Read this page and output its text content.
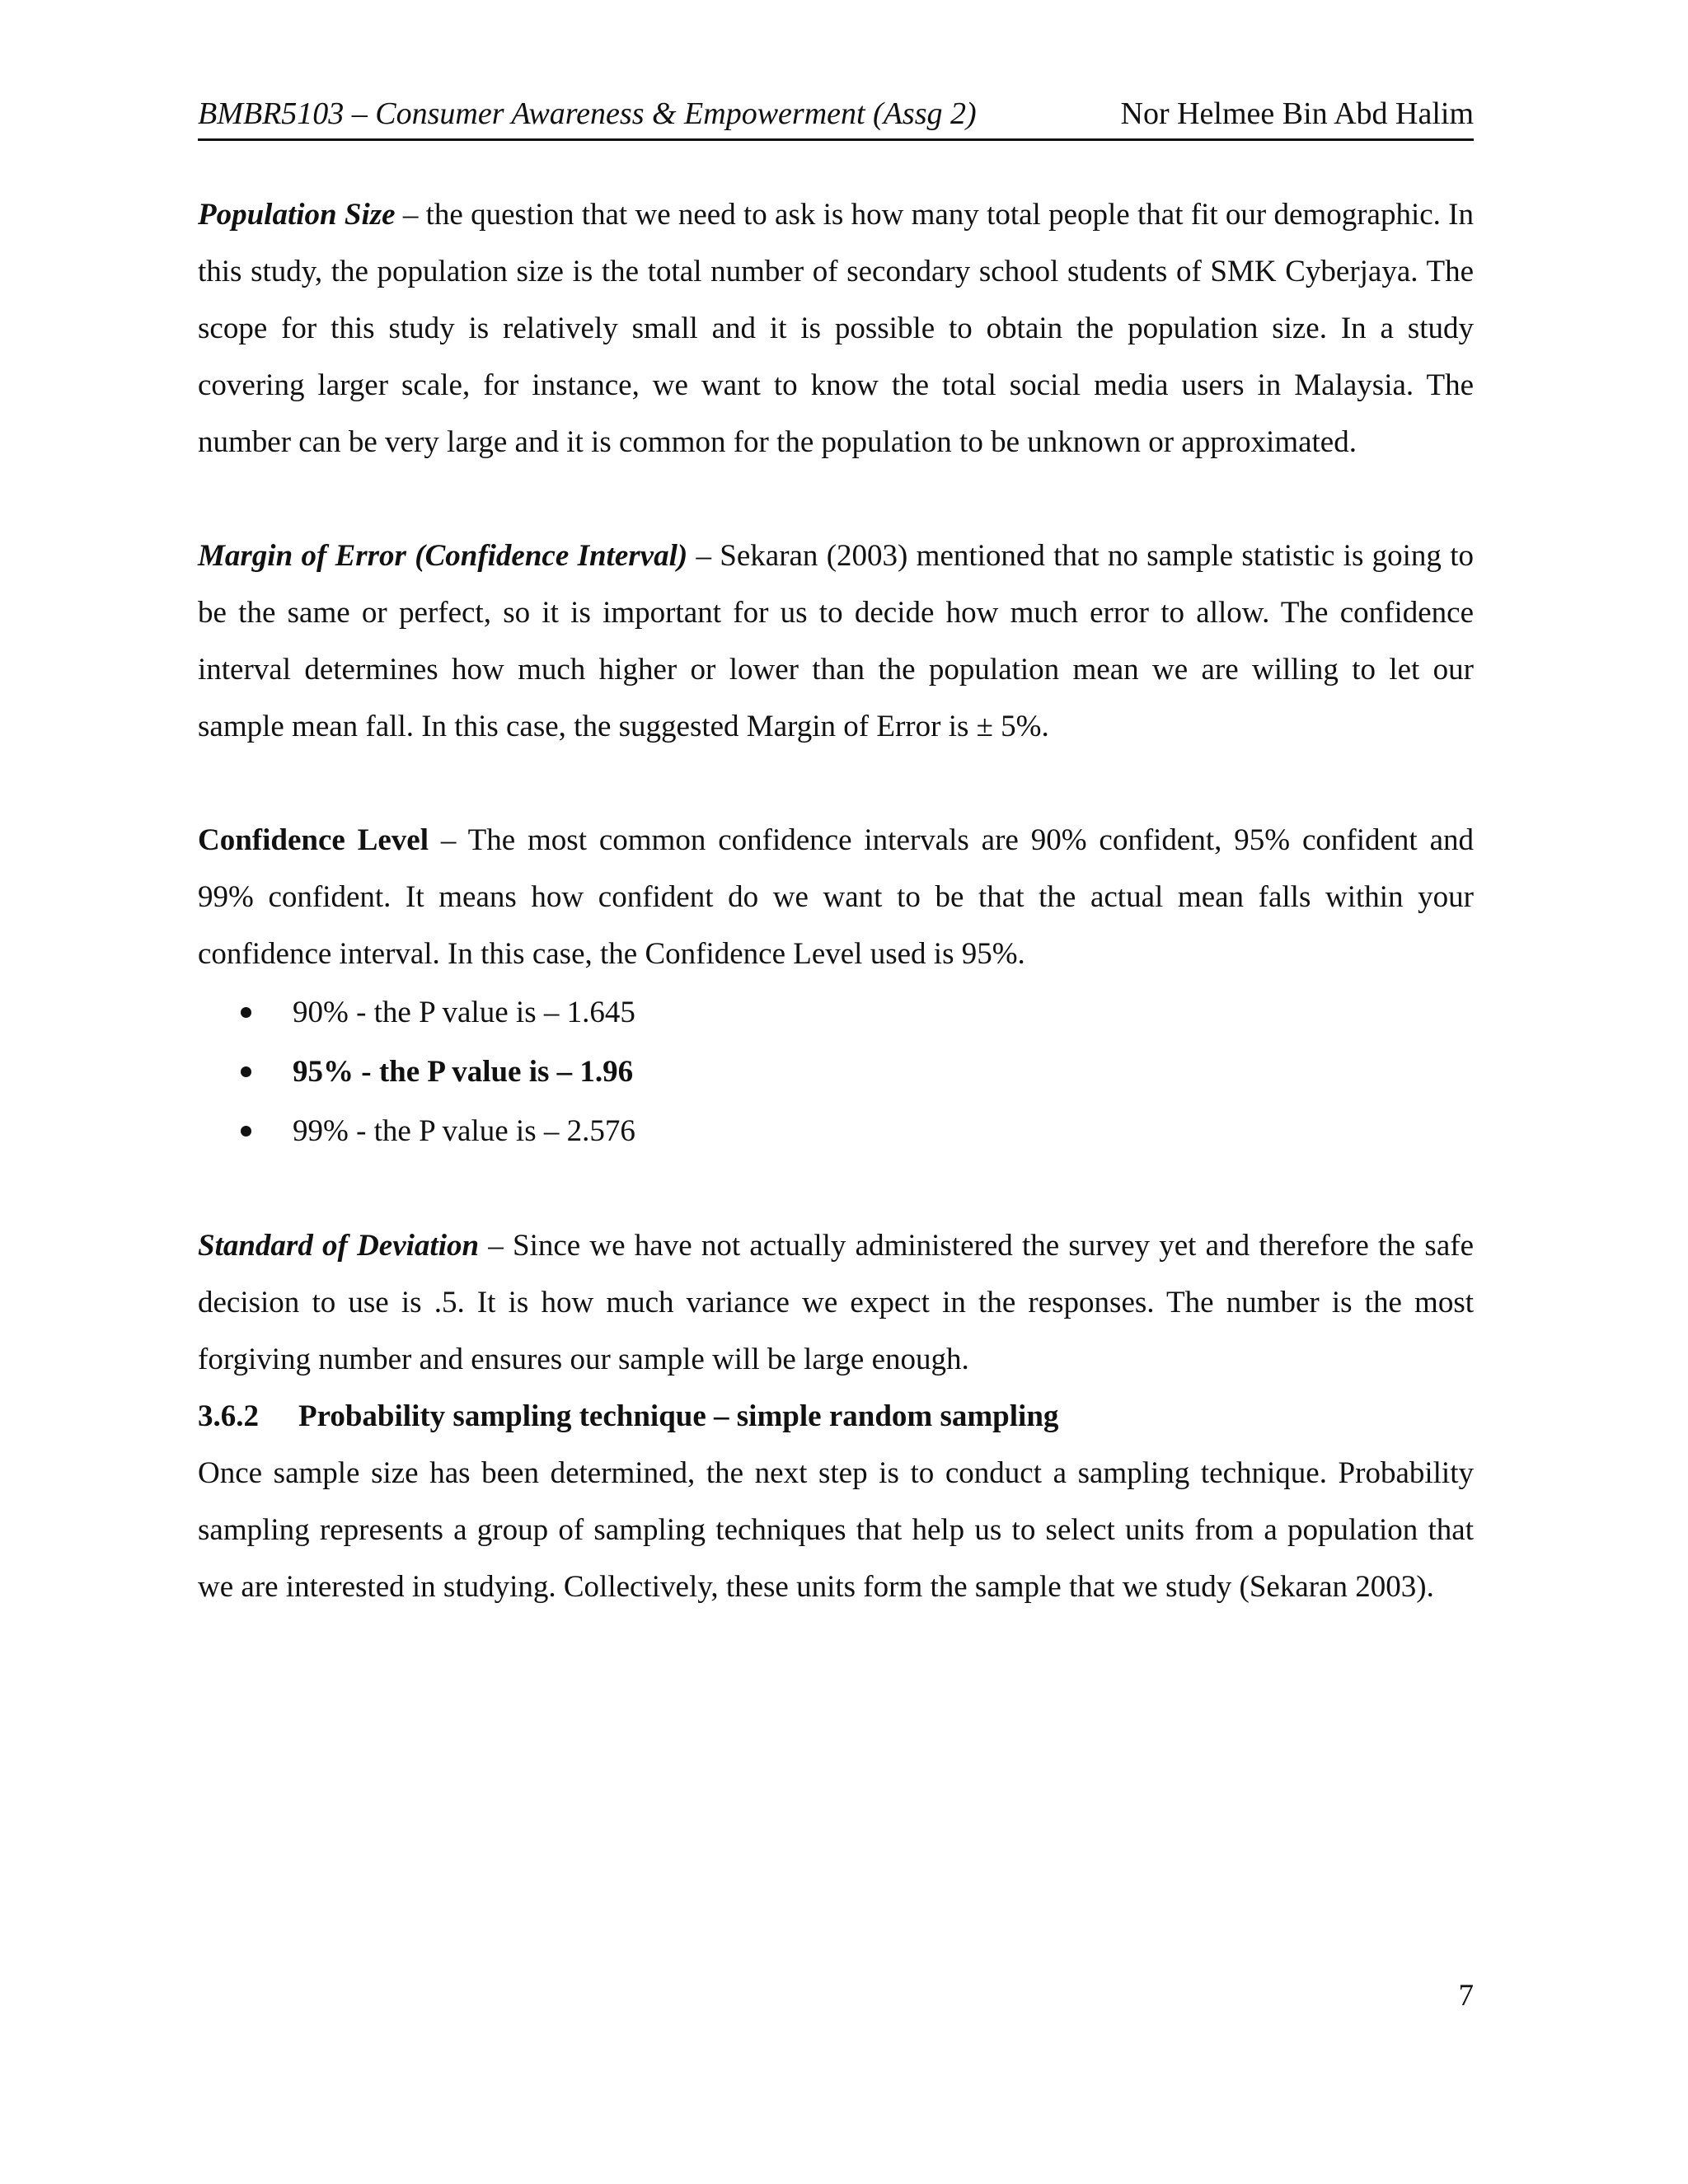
BMBR5103 – Consumer Awareness & Empowerment (Assg 2)	Nor Helmee Bin Abd Halim

Population Size – the question that we need to ask is how many total people that fit our demographic. In this study, the population size is the total number of secondary school students of SMK Cyberjaya. The scope for this study is relatively small and it is possible to obtain the population size. In a study covering larger scale, for instance, we want to know the total social media users in Malaysia. The number can be very large and it is common for the population to be unknown or approximated.

Margin of Error (Confidence Interval) – Sekaran (2003) mentioned that no sample statistic is going to be the same or perfect, so it is important for us to decide how much error to allow. The confidence interval determines how much higher or lower than the population mean we are willing to let our sample mean fall. In this case, the suggested Margin of Error is ± 5%.

Confidence Level – The most common confidence intervals are 90% confident, 95% confident and 99% confident. It means how confident do we want to be that the actual mean falls within your confidence interval. In this case, the Confidence Level used is 95%.

90% - the P value is – 1.645
95% - the P value is – 1.96
99% - the P value is – 2.576

Standard of Deviation – Since we have not actually administered the survey yet and therefore the safe decision to use is .5. It is how much variance we expect in the responses. The number is the most forgiving number and ensures our sample will be large enough.

3.6.2 Probability sampling technique – simple random sampling

Once sample size has been determined, the next step is to conduct a sampling technique. Probability sampling represents a group of sampling techniques that help us to select units from a population that we are interested in studying. Collectively, these units form the sample that we study (Sekaran 2003).

7
